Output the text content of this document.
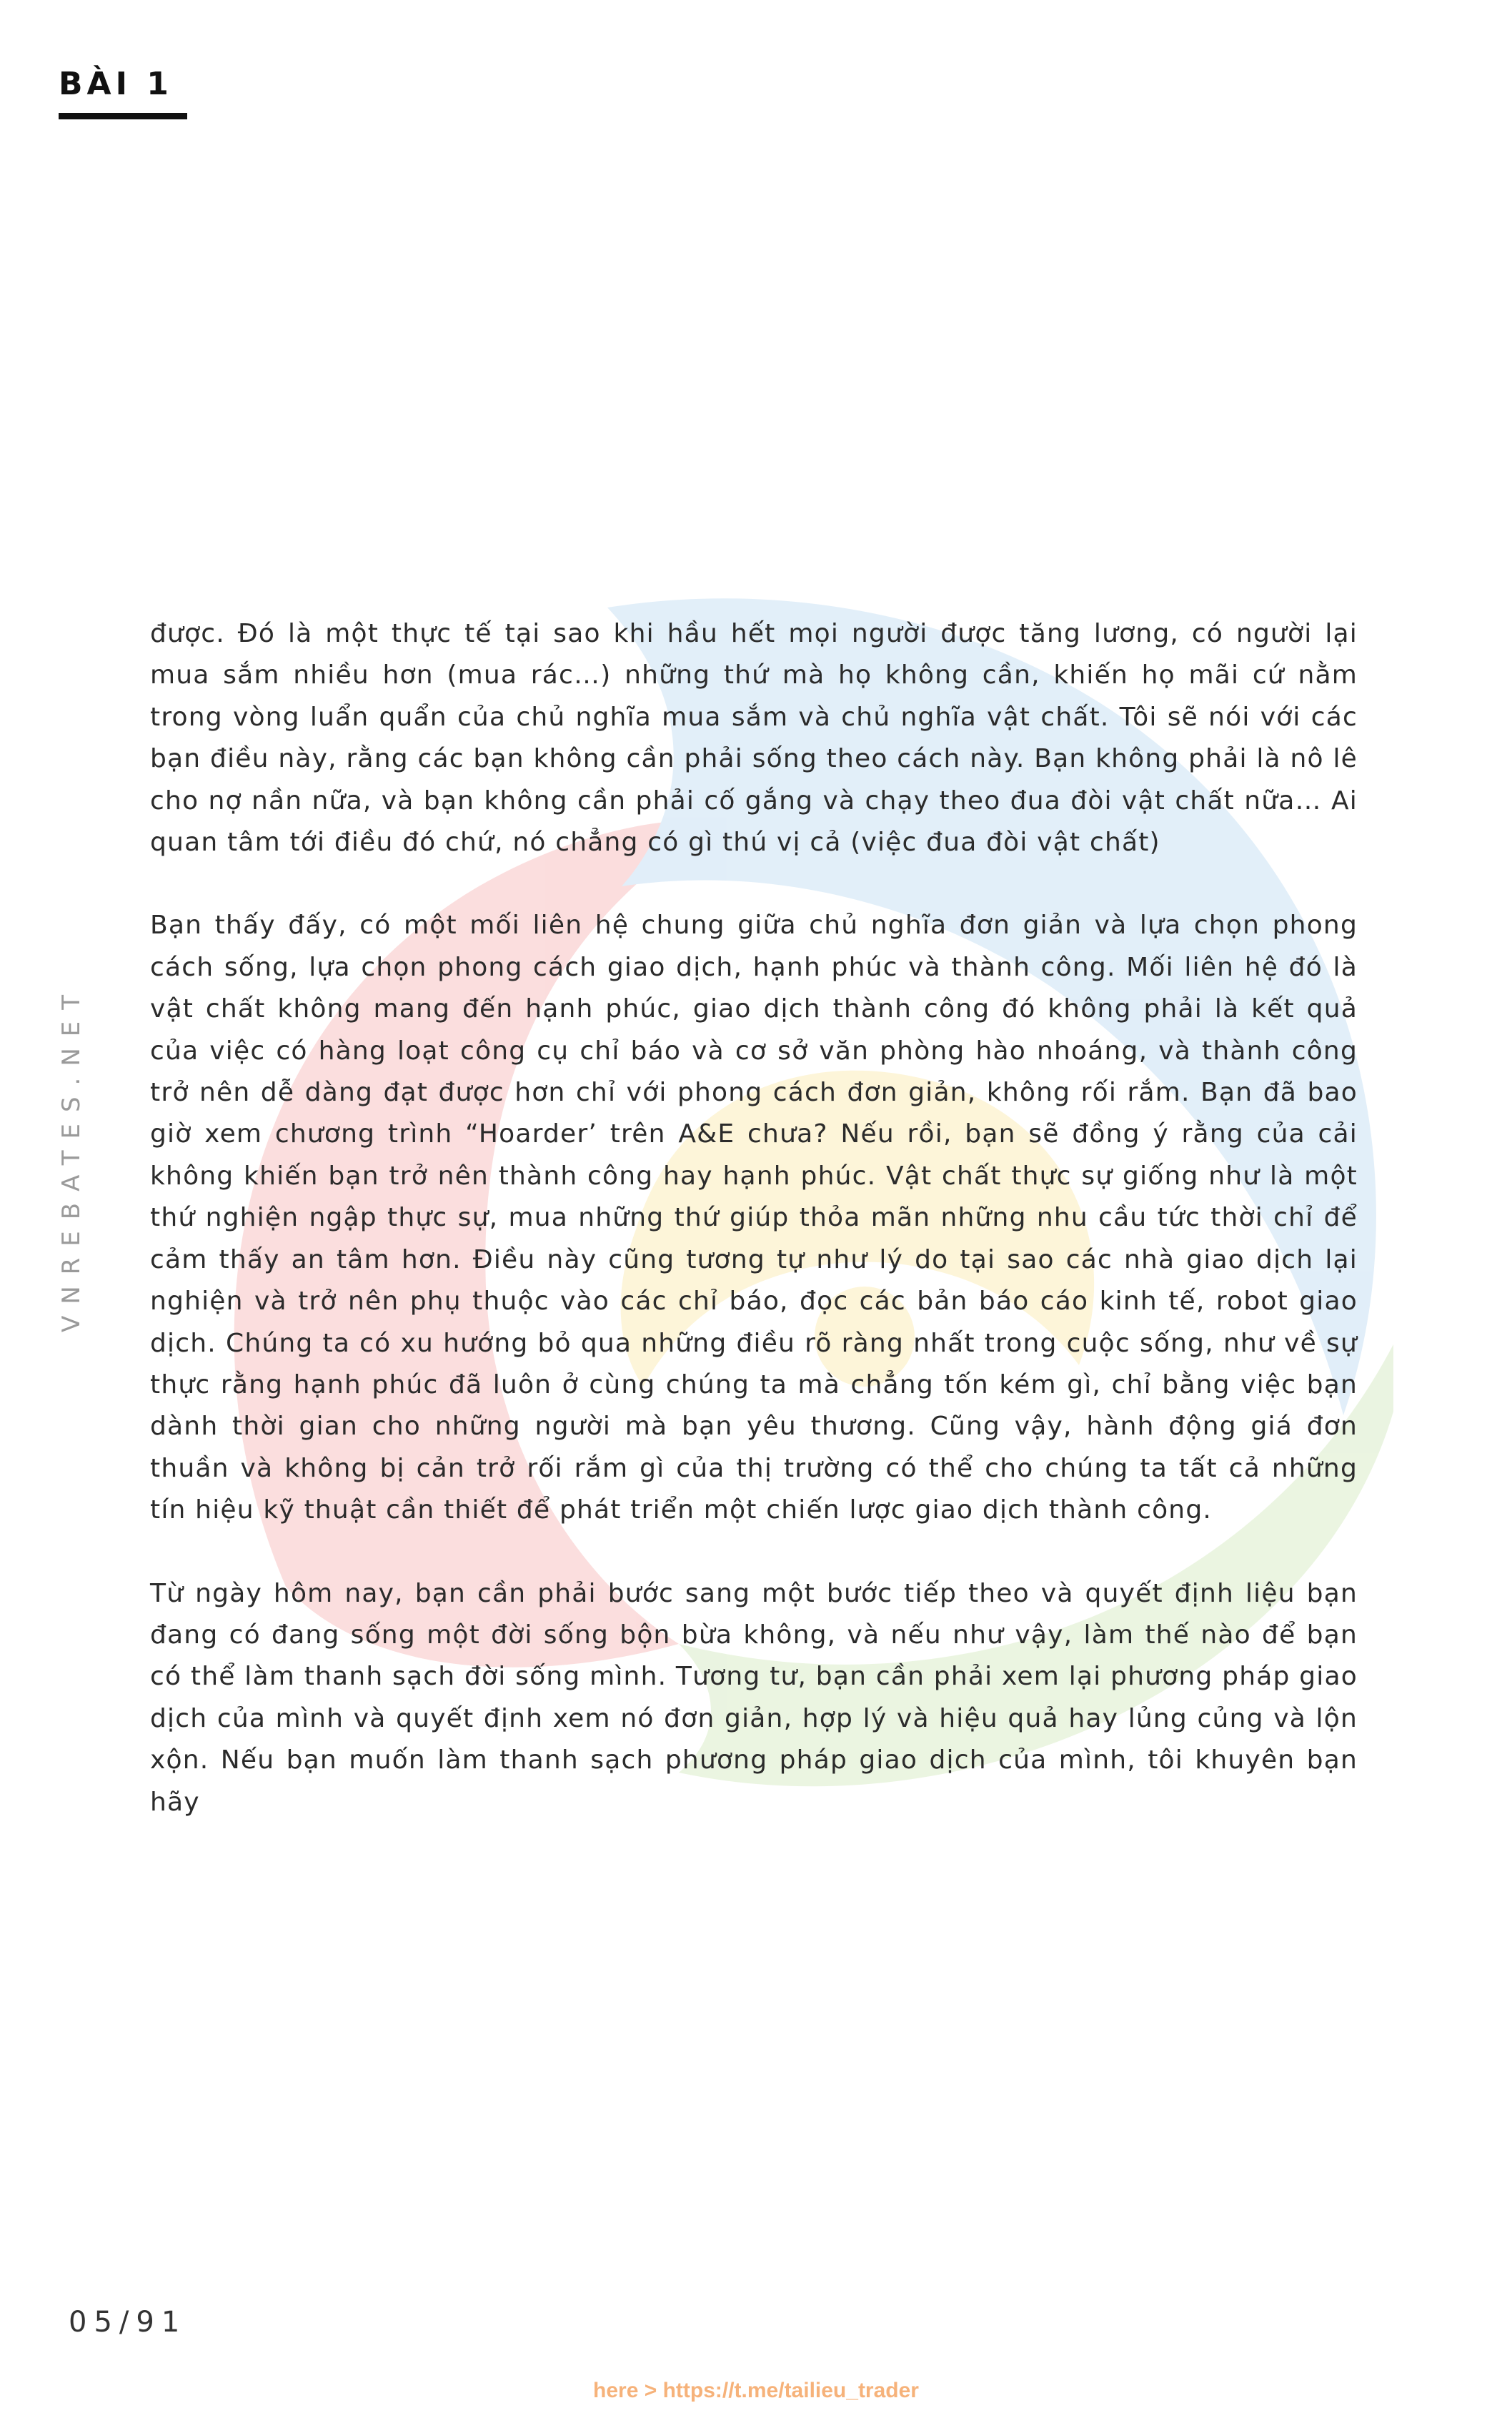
BÀI 1
VNREBATES.NET

được. Đó là một thực tế tại sao khi hầu hết mọi người được tăng lương, có người lại mua sắm nhiều hơn (mua rác…) những thứ mà họ không cần, khiến họ mãi cứ nằm trong vòng luẩn quẩn của chủ nghĩa mua sắm và chủ nghĩa vật chất. Tôi sẽ nói với các bạn điều này, rằng các bạn không cần phải sống theo cách này. Bạn không phải là nô lê cho nợ nần nữa, và bạn không cần phải cố gắng và chạy theo đua đòi vật chất nữa… Ai quan tâm tới điều đó chứ, nó chẳng có gì thú vị cả (việc đua đòi vật chất)

Bạn thấy đấy, có một mối liên hệ chung giữa chủ nghĩa đơn giản và lựa chọn phong cách sống, lựa chọn phong cách giao dịch, hạnh phúc và thành công. Mối liên hệ đó là vật chất không mang đến hạnh phúc, giao dịch thành công đó không phải là kết quả của việc có hàng loạt công cụ chỉ báo và cơ sở văn phòng hào nhoáng, và thành công trở nên dễ dàng đạt được hơn chỉ với phong cách đơn giản, không rối rắm. Bạn đã bao giờ xem chương trình “Hoarder’ trên A&E chưa? Nếu rồi, bạn sẽ đồng ý rằng của cải không khiến bạn trở nên thành công hay hạnh phúc. Vật chất thực sự giống như là một thứ nghiện ngập thực sự, mua những thứ giúp thỏa mãn những nhu cầu tức thời chỉ để cảm thấy an tâm hơn. Điều này cũng tương tự như lý do tại sao các nhà giao dịch lại nghiện và trở nên phụ thuộc vào các chỉ báo, đọc các bản báo cáo kinh tế, robot giao dịch. Chúng ta có xu hướng bỏ qua những điều rõ ràng nhất trong cuộc sống, như về sự thực rằng hạnh phúc đã luôn ở cùng chúng ta mà chẳng tốn kém gì, chỉ bằng việc bạn dành thời gian cho những người mà bạn yêu thương. Cũng vậy, hành động giá đơn thuần và không bị cản trở rối rắm gì của thị trường có thể cho chúng ta tất cả những tín hiệu kỹ thuật cần thiết để phát triển một chiến lược giao dịch thành công.

Từ ngày hôm nay, bạn cần phải bước sang một bước tiếp theo và quyết định liệu bạn đang có đang sống một đời sống bộn bừa không, và nếu như vậy, làm thế nào để bạn có thể làm thanh sạch đời sống mình. Tương tư, bạn cần phải xem lại phương pháp giao dịch của mình và quyết định xem nó đơn giản, hợp lý và hiệu quả hay lủng củng và lộn xộn. Nếu bạn muốn làm thanh sạch phương pháp giao dịch của mình, tôi khuyên bạn hãy

05/91
here > https://t.me/tailieu_trader
